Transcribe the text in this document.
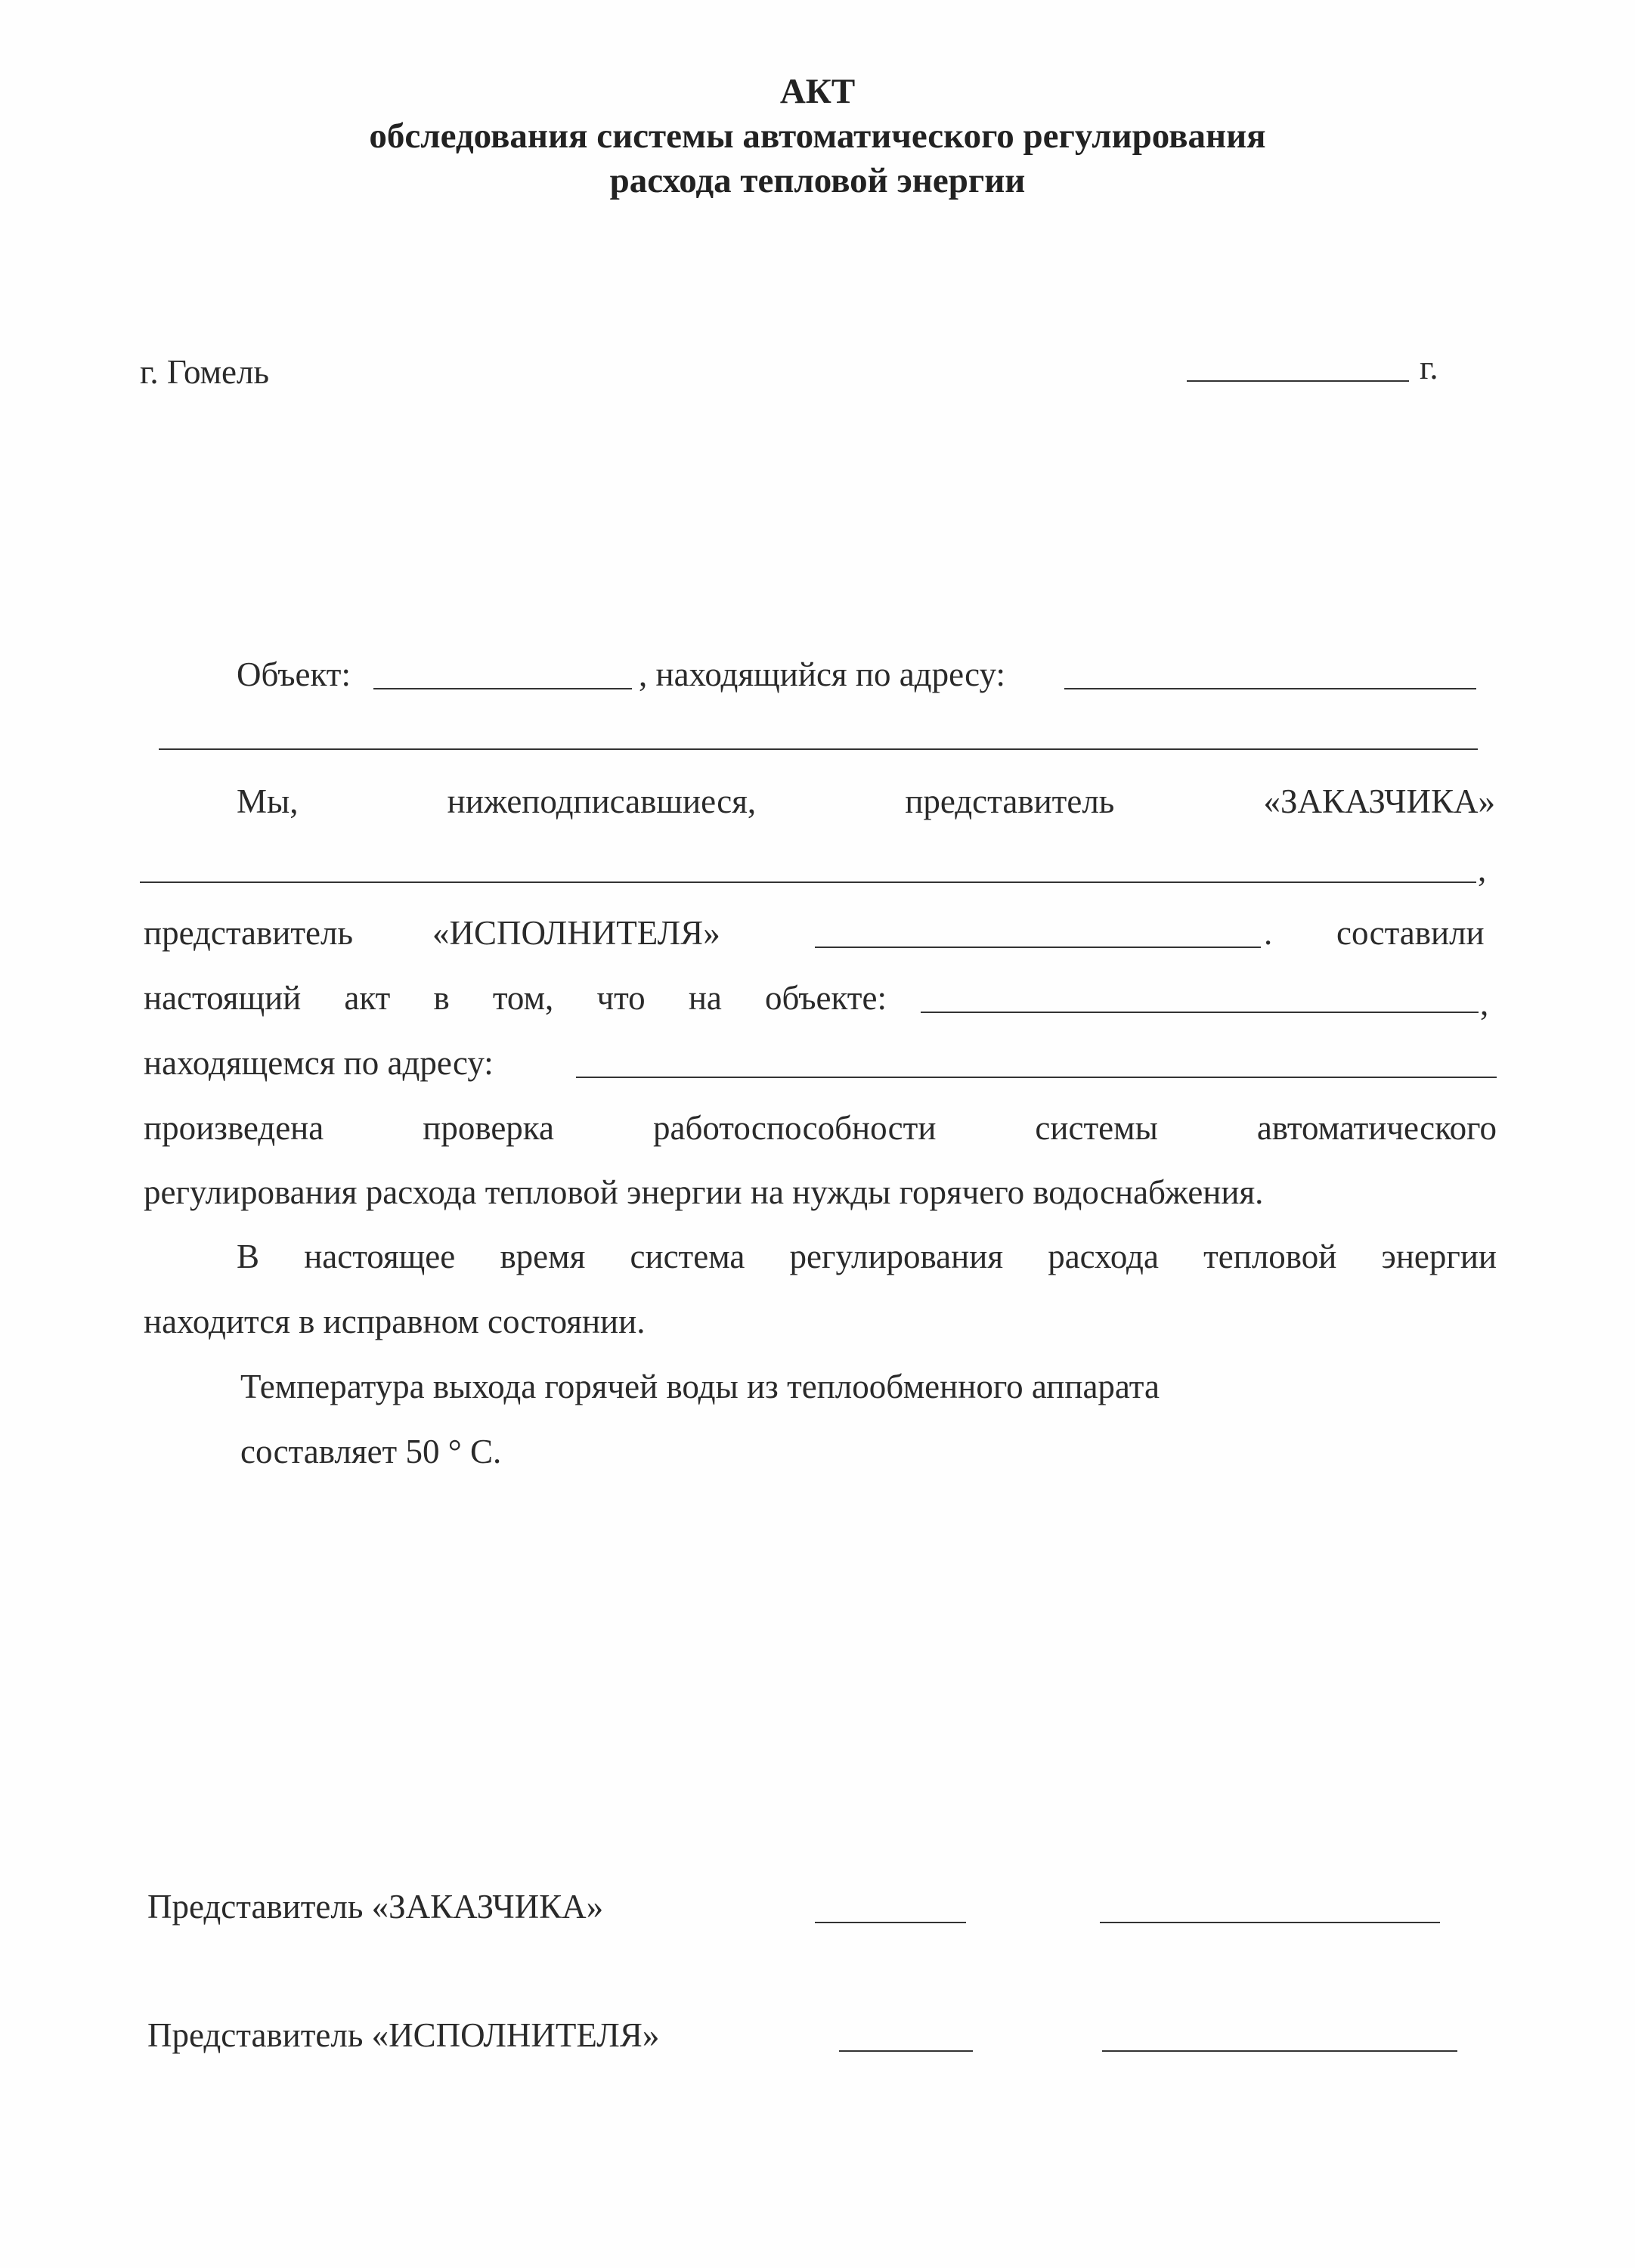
АКТ
обследования системы автоматического регулирования
расхода тепловой энергии
г. Гомель	г.
Объект:	, находящийся по адресу:
Мы,	нижеподписавшиеся,	представитель	«ЗАКАЗЧИКА»
,
представитель «ИСПОЛНИТЕЛЯ»	. составили
настоящий акт в том, что на объекте:	,
находящемся по адресу:
произведена	проверка	работоспособности	системы	автоматического
регулирования расхода тепловой энергии на нужды горячего водоснабжения.
В настоящее время система регулирования расхода тепловой энергии
находится в исправном состоянии.
Температура выхода горячей воды из теплообменного аппарата
составляет 50 ° С.
Представитель «ЗАКАЗЧИКА»
Представитель «ИСПОЛНИТЕЛЯ»
